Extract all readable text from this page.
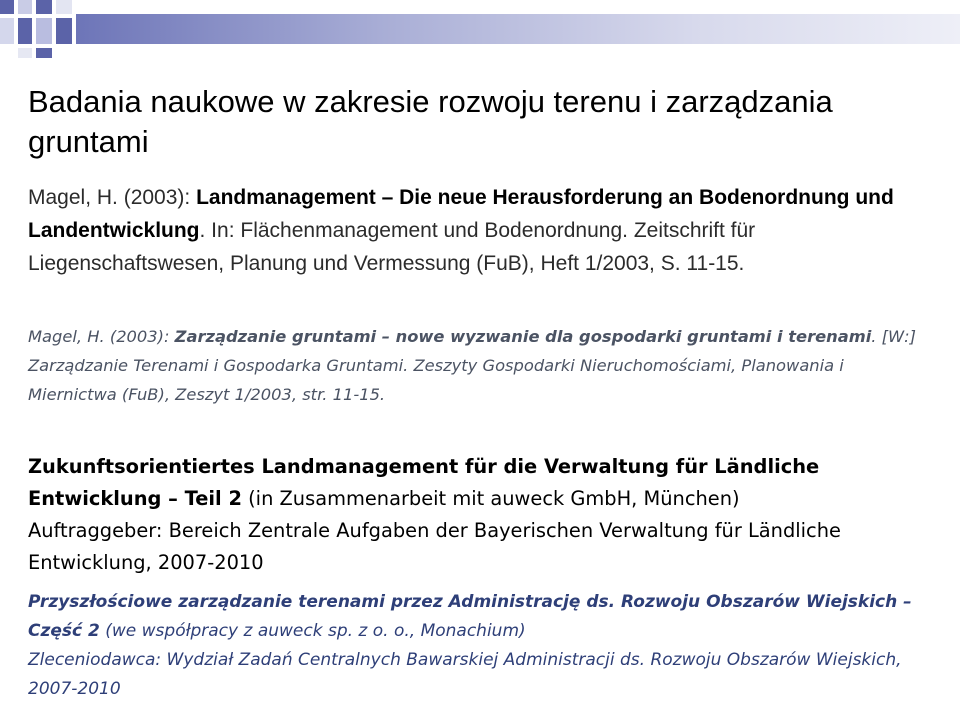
Badania naukowe w zakresie rozwoju terenu i zarządzania gruntami
Magel, H. (2003): Landmanagement – Die neue Herausforderung an Bodenordnung und Landentwicklung. In: Flächenmanagement und Bodenordnung. Zeitschrift für Liegenschaftswesen, Planung und Vermessung (FuB), Heft 1/2003, S. 11-15.
Magel, H. (2003): Zarządzanie gruntami – nowe wyzwanie dla gospodarki gruntami i terenami. [W:] Zarządzanie Terenami i Gospodarka Gruntami. Zeszyty Gospodarki Nieruchomościami, Planowania i Miernictwa (FuB), Zeszyt 1/2003, str. 11-15.
Zukunftsorientiertes Landmanagement für die Verwaltung für Ländliche Entwicklung – Teil 2 (in Zusammenarbeit mit auweck GmbH, München)
Auftraggeber: Bereich Zentrale Aufgaben der Bayerischen Verwaltung für Ländliche Entwicklung, 2007-2010
Przyszłościowe zarządzanie terenami przez Administrację ds. Rozwoju Obszarów Wiejskich – Część 2 (we współpracy z auweck sp. z o. o., Monachium)
Zleceniodawca: Wydział Zadań Centralnych Bawarskiej Administracji ds. Rozwoju Obszarów Wiejskich, 2007-2010
